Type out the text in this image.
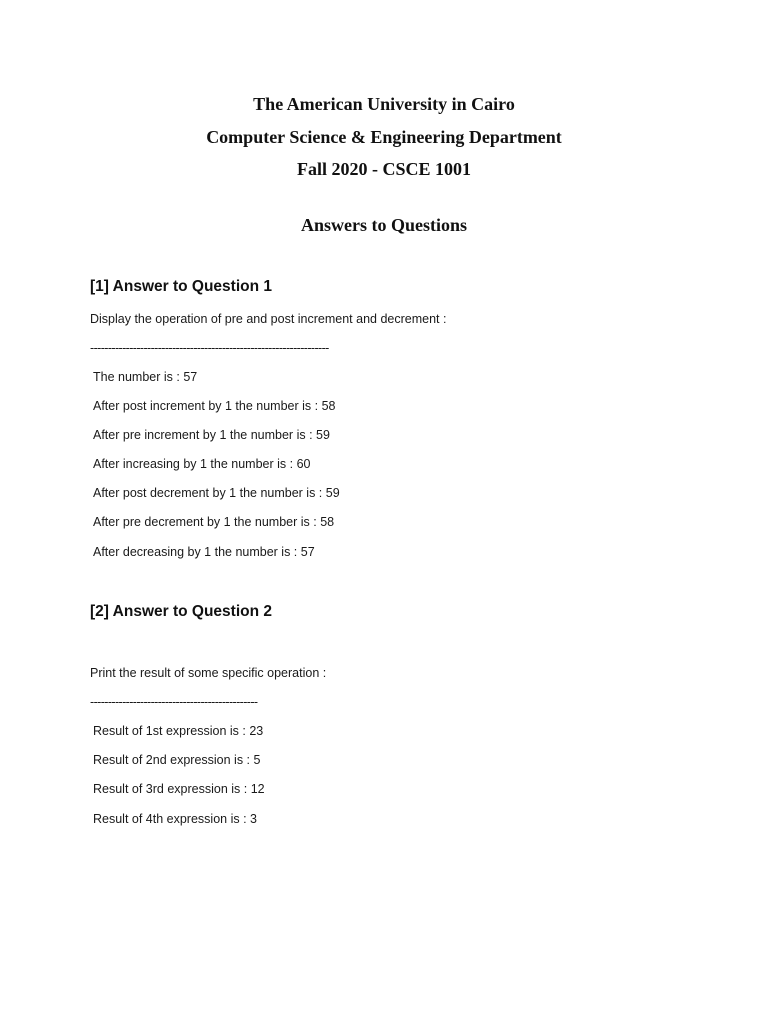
The American University in Cairo
Computer Science & Engineering Department
Fall 2020 - CSCE 1001
Answers to Questions
[1] Answer to Question 1
Display the operation of pre and post increment and decrement :
-------------------------------------------------------------------
The number is : 57
After post increment by 1 the number is : 58
After pre increment by 1 the number is : 59
After increasing by 1 the number is : 60
After post decrement by 1 the number is : 59
After pre decrement by 1 the number is : 58
After decreasing by 1 the number is : 57
[2] Answer to Question 2
Print the result of some specific operation :
-----------------------------------------------
Result of 1st expression is : 23
Result of 2nd expression is : 5
Result of 3rd expression is : 12
Result of 4th expression is : 3
